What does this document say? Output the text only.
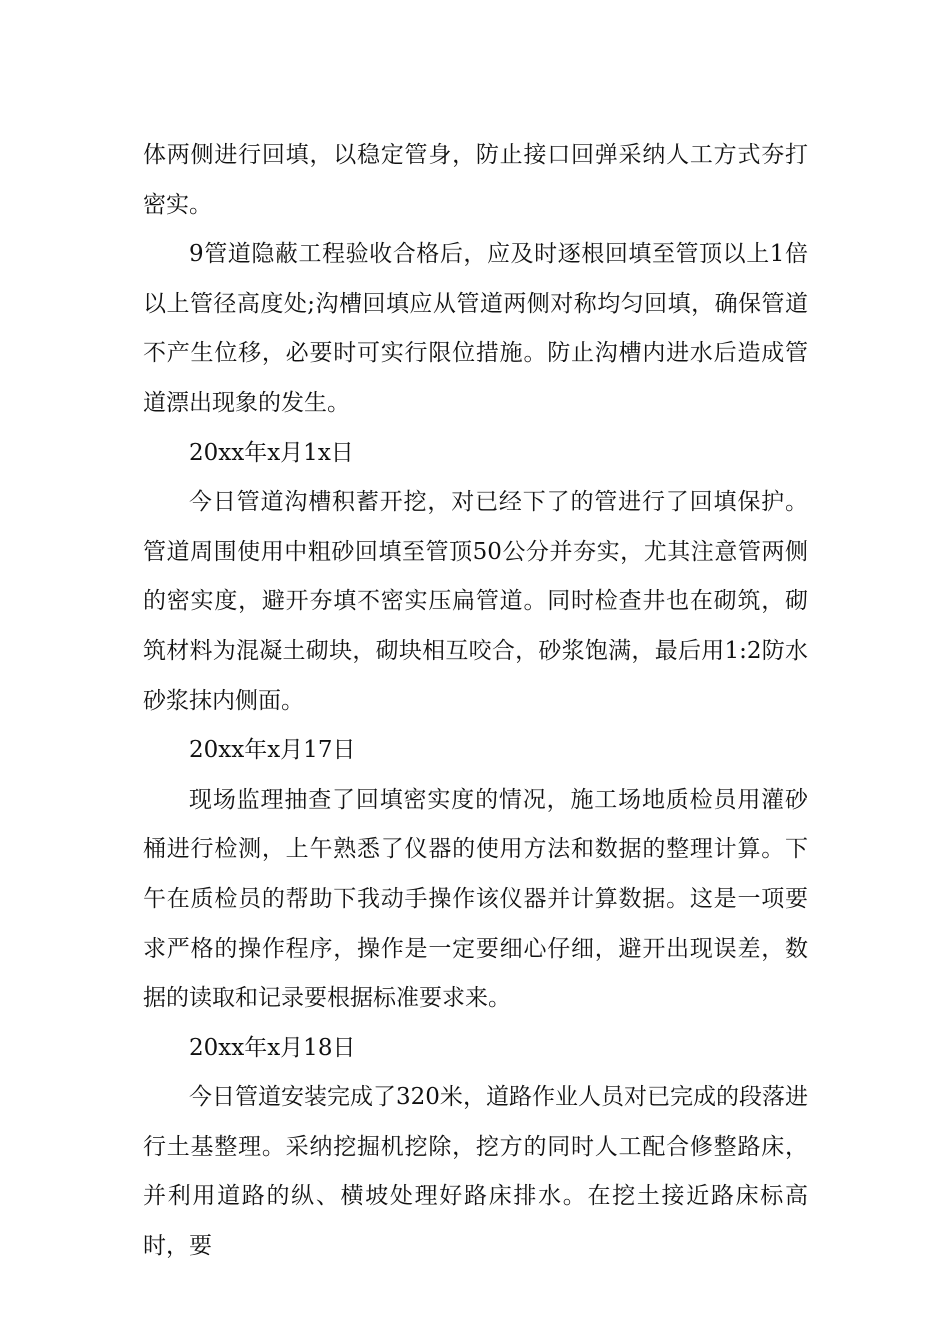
体两侧进行回填，以稳定管身，防止接口回弹采纳人工方式夯打密实。

9管道隐蔽工程验收合格后，应及时逐根回填至管顶以上1倍以上管径高度处;沟槽回填应从管道两侧对称均匀回填，确保管道不产生位移，必要时可实行限位措施。防止沟槽内进水后造成管道漂出现象的发生。

20xx年x月1x日

今日管道沟槽积蓄开挖，对已经下了的管进行了回填保护。管道周围使用中粗砂回填至管顶50公分并夯实，尤其注意管两侧的密实度，避开夯填不密实压扁管道。同时检查井也在砌筑，砌筑材料为混凝土砌块，砌块相互咬合，砂浆饱满，最后用1:2防水砂浆抹内侧面。

20xx年x月17日

现场监理抽查了回填密实度的情况，施工场地质检员用灌砂桶进行检测，上午熟悉了仪器的使用方法和数据的整理计算。下午在质检员的帮助下我动手操作该仪器并计算数据。这是一项要求严格的操作程序，操作是一定要细心仔细，避开出现误差，数据的读取和记录要根据标准要求来。

20xx年x月18日

今日管道安装完成了320米，道路作业人员对已完成的段落进行土基整理。采纳挖掘机挖除，挖方的同时人工配合修整路床，并利用道路的纵、横坡处理好路床排水。在挖土接近路床标高时，要
